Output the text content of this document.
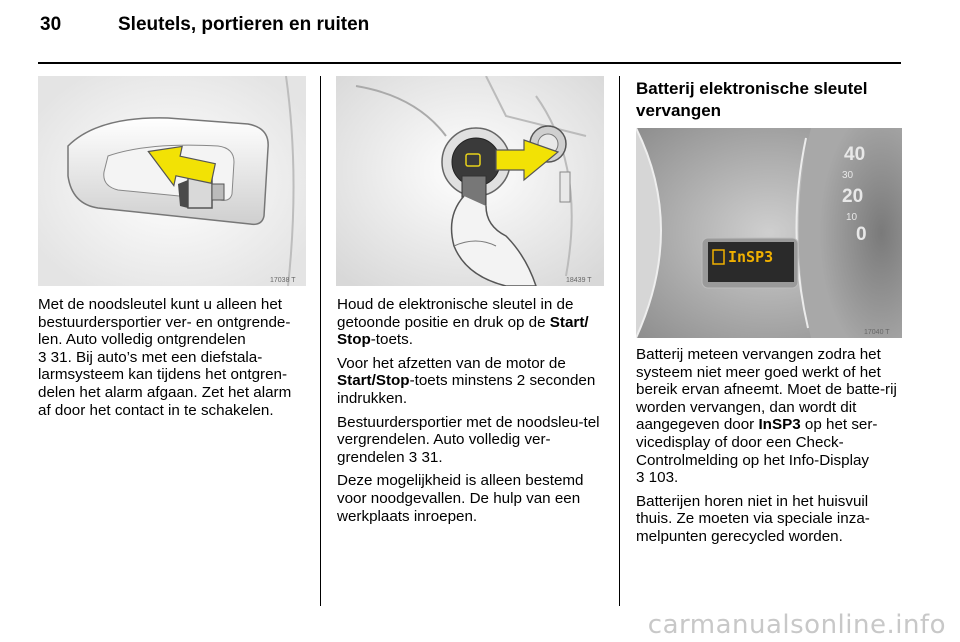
30	Sleutels, portieren en ruiten
17038 T	18439 T
Batterij elektronische sleutel vervangen
40
30
20
10
0
InSP3
17040 T

Met de noodsleutel kunt u alleen het bestuurdersportier ver- en ontgrende-len. Auto volledig ontgrendelen
3 31. Bij auto’s met een diefstala-larmsysteem kan tijdens het ontgren-delen het alarm afgaan. Zet het alarm af door het contact in te schakelen.

Houd de elektronische sleutel in de getoonde positie en druk op de Start/ Stop-toets.

Voor het afzetten van de motor de Start/Stop-toets minstens 2 seconden indrukken.

Bestuurdersportier met de noodsleu-tel vergrendelen. Auto volledig ver-grendelen 3 31.

Deze mogelijkheid is alleen bestemd voor noodgevallen. De hulp van een werkplaats inroepen.

Batterij meteen vervangen zodra het systeem niet meer goed werkt of het bereik ervan afneemt. Moet de batte-rij worden vervangen, dan wordt dit aangegeven door InSP3 op het ser-vicedisplay of door een Check-Controlmelding op het Info-Display
3 103.

Batterijen horen niet in het huisvuil thuis. Ze moeten via speciale inza-melpunten gerecycled worden.

carmanualsonline.info
